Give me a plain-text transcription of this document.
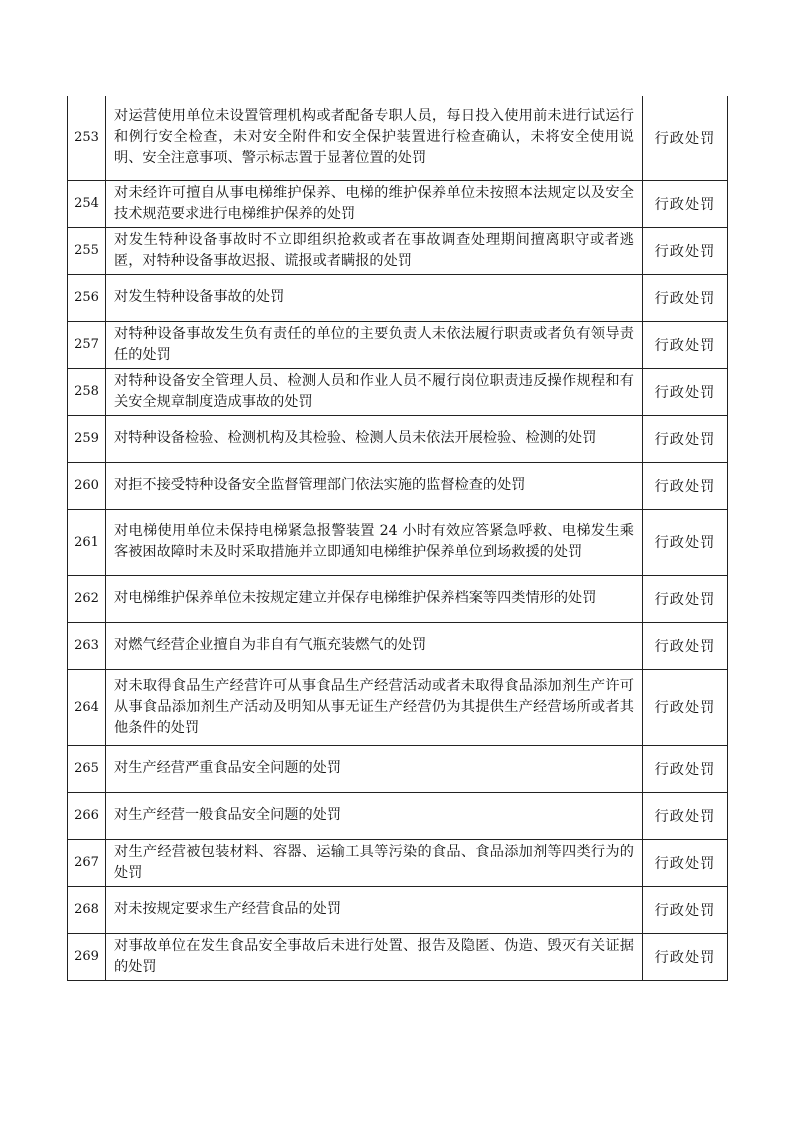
253	对运营使用单位未设置管理机构或者配备专职人员，每日投入使用前未进行试运行和例行安全检查，未对安全附件和安全保护装置进行检查确认，未将安全使用说明、安全注意事项、警示标志置于显著位置的处罚	行政处罚
254	对未经许可擅自从事电梯维护保养、电梯的维护保养单位未按照本法规定以及安全技术规范要求进行电梯维护保养的处罚	行政处罚
255	对发生特种设备事故时不立即组织抢救或者在事故调查处理期间擅离职守或者逃匿，对特种设备事故迟报、谎报或者瞒报的处罚	行政处罚
256	对发生特种设备事故的处罚	行政处罚
257	对特种设备事故发生负有责任的单位的主要负责人未依法履行职责或者负有领导责任的处罚	行政处罚
258	对特种设备安全管理人员、检测人员和作业人员不履行岗位职责违反操作规程和有关安全规章制度造成事故的处罚	行政处罚
259	对特种设备检验、检测机构及其检验、检测人员未依法开展检验、检测的处罚	行政处罚
260	对拒不接受特种设备安全监督管理部门依法实施的监督检查的处罚	行政处罚
261	对电梯使用单位未保持电梯紧急报警装置 24 小时有效应答紧急呼救、电梯发生乘客被困故障时未及时采取措施并立即通知电梯维护保养单位到场救援的处罚	行政处罚
262	对电梯维护保养单位未按规定建立并保存电梯维护保养档案等四类情形的处罚	行政处罚
263	对燃气经营企业擅自为非自有气瓶充装燃气的处罚	行政处罚
264	对未取得食品生产经营许可从事食品生产经营活动或者未取得食品添加剂生产许可从事食品添加剂生产活动及明知从事无证生产经营仍为其提供生产经营场所或者其他条件的处罚	行政处罚
265	对生产经营严重食品安全问题的处罚	行政处罚
266	对生产经营一般食品安全问题的处罚	行政处罚
267	对生产经营被包装材料、容器、运输工具等污染的食品、食品添加剂等四类行为的处罚	行政处罚
268	对未按规定要求生产经营食品的处罚	行政处罚
269	对事故单位在发生食品安全事故后未进行处置、报告及隐匿、伪造、毁灭有关证据的处罚	行政处罚
